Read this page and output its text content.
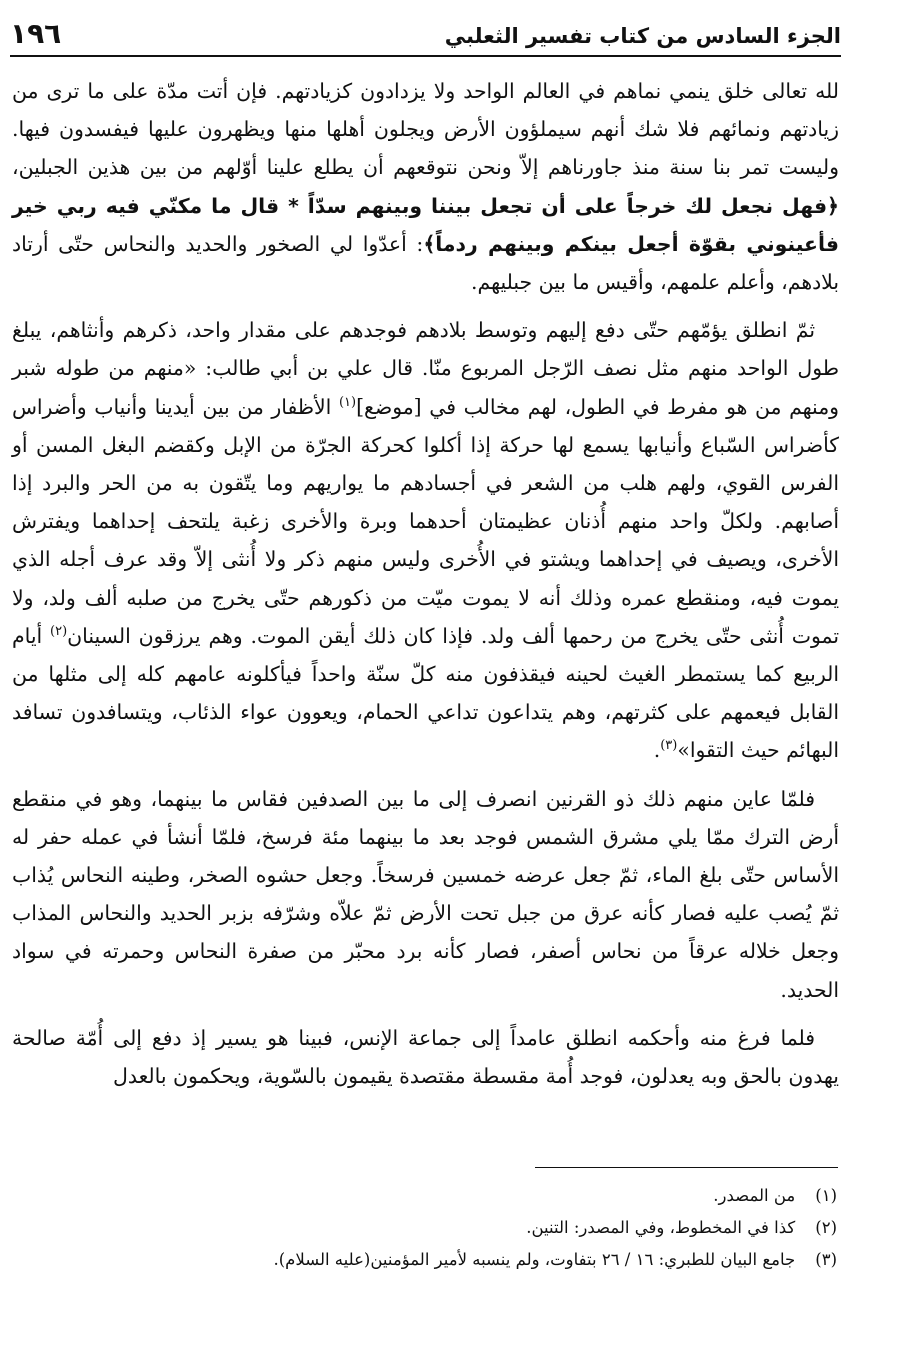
الجزء السادس من كتاب تفسير الثعلبي
١٩٦

لله تعالى خلق ينمي نماهم في العالم الواحد ولا يزدادون كزيادتهم. فإن أتت مدّة على ما ترى من زيادتهم ونمائهم فلا شك أنهم سيملؤون الأرض ويجلون أهلها منها ويظهرون عليها فيفسدون فيها. وليست تمر بنا سنة منذ جاورناهم إلاّ ونحن نتوقعهم أن يطلع علينا أوّلهم من بين هذين الجبلين، ﴿فهل نجعل لك خرجاً على أن تجعل بيننا وبينهم سدّاً * قال ما مكنّي فيه ربي خير فأعينوني بقوّة أجعل بينكم وبينهم ردماً﴾: أعدّوا لي الصخور والحديد والنحاس حتّى أرتاد بلادهم، وأعلم علمهم، وأقيس ما بين جبليهم.

ثمّ انطلق يؤمّهم حتّى دفع إليهم وتوسط بلادهم فوجدهم على مقدار واحد، ذكرهم وأنثاهم، يبلغ طول الواحد منهم مثل نصف الرّجل المربوع منّا. قال علي بن أبي طالب: «منهم من طوله شبر ومنهم من هو مفرط في الطول، لهم مخالب في [موضع]$^{(١)}$ الأظفار من بين أيدينا وأنياب وأضراس كأضراس السّباع وأنيابها يسمع لها حركة إذا أكلوا كحركة الجرّة من الإبل وكقضم البغل المسن أو الفرس القوي، ولهم هلب من الشعر في أجسادهم ما يواريهم وما يتّقون به من الحر والبرد إذا أصابهم. ولكلّ واحد منهم أُذنان عظيمتان أحدهما وبرة والأخرى زغبة يلتحف إحداهما ويفترش الأخرى، ويصيف في إحداهما ويشتو في الأُخرى وليس منهم ذكر ولا أُنثى إلاّ وقد عرف أجله الذي يموت فيه، ومنقطع عمره وذلك أنه لا يموت ميّت من ذكورهم حتّى يخرج من صلبه ألف ولد، ولا تموت أُنثى حتّى يخرج من رحمها ألف ولد. فإذا كان ذلك أيقن الموت. وهم يرزقون السينان$^{(٢)}$ أيام الربيع كما يستمطر الغيث لحينه فيقذفون منه كلّ سنّة واحداً فيأكلونه عامهم كله إلى مثلها من القابل فيعمهم على كثرتهم، وهم يتداعون تداعي الحمام، ويعوون عواء الذئاب، ويتسافدون تسافد البهائم حيث التقوا»$^{(٣)}$.

فلمّا عاين منهم ذلك ذو القرنين انصرف إلى ما بين الصدفين فقاس ما بينهما، وهو في منقطع أرض الترك ممّا يلي مشرق الشمس فوجد بعد ما بينهما مئة فرسخ، فلمّا أنشأ في عمله حفر له الأساس حتّى بلغ الماء، ثمّ جعل عرضه خمسين فرسخاً. وجعل حشوه الصخر، وطينه النحاس يُذاب ثمّ يُصب عليه فصار كأنه عرق من جبل تحت الأرض ثمّ علاّه وشرّفه بزبر الحديد والنحاس المذاب وجعل خلاله عرقاً من نحاس أصفر، فصار كأنه برد محبّر من صفرة النحاس وحمرته في سواد الحديد.

فلما فرغ منه وأحكمه انطلق عامداً إلى جماعة الإنس، فبينا هو يسير إذ دفع إلى أُمّة صالحة يهدون بالحق وبه يعدلون، فوجد أُمة مقسطة مقتصدة يقيمون بالسّوية، ويحكمون بالعدل

(١)
من المصدر.

(٢)
كذا في المخطوط، وفي المصدر: التنين.

(٣)
جامع البيان للطبري: ١٦ / ٢٦ بتفاوت، ولم ينسبه لأمير المؤمنين(عليه السلام).
